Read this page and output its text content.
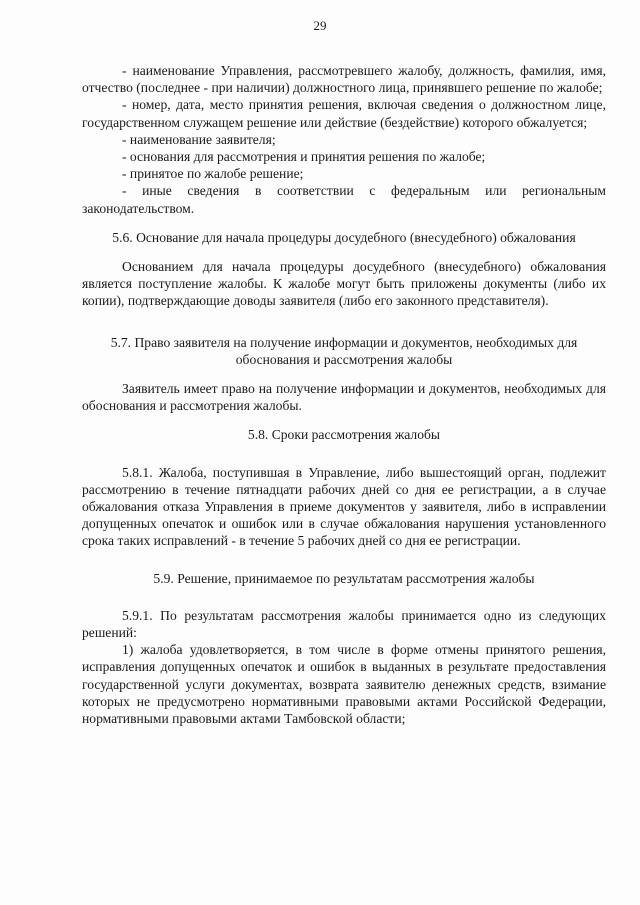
29

- наименование Управления, рассмотревшего жалобу, должность, фамилия, имя, отчество (последнее - при наличии) должностного лица, принявшего решение по жалобе;

- номер, дата, место принятия решения, включая сведения о должностном лице, государственном служащем решение или действие (бездействие) которого обжалуется;

- наименование заявителя;

- основания для рассмотрения и принятия решения по жалобе;

- принятое по жалобе решение;

- иные сведения в соответствии с федеральным или региональным законодательством.

5.6. Основание для начала процедуры досудебного (внесудебного) обжалования

Основанием для начала процедуры досудебного (внесудебного) обжалования является поступление жалобы. К жалобе могут быть приложены документы (либо их копии), подтверждающие доводы заявителя (либо его законного представителя).

5.7. Право заявителя на получение информации и документов, необходимых для обоснования и рассмотрения жалобы

Заявитель имеет право на получение информации и документов, необходимых для обоснования и рассмотрения жалобы.

5.8. Сроки рассмотрения жалобы

5.8.1. Жалоба, поступившая в Управление, либо вышестоящий орган, подлежит рассмотрению в течение пятнадцати рабочих дней со дня ее регистрации, а в случае обжалования отказа Управления в приеме документов у заявителя, либо в исправлении допущенных опечаток и ошибок или в случае обжалования нарушения установленного срока таких исправлений - в течение 5 рабочих дней со дня ее регистрации.

5.9. Решение, принимаемое по результатам рассмотрения жалобы

5.9.1. По результатам рассмотрения жалобы принимается одно из следующих решений:

1) жалоба удовлетворяется, в том числе в форме отмены принятого решения, исправления допущенных опечаток и ошибок в выданных в результате предоставления государственной услуги документах, возврата заявителю денежных средств, взимание которых не предусмотрено нормативными правовыми актами Российской Федерации, нормативными правовыми актами Тамбовской области;
